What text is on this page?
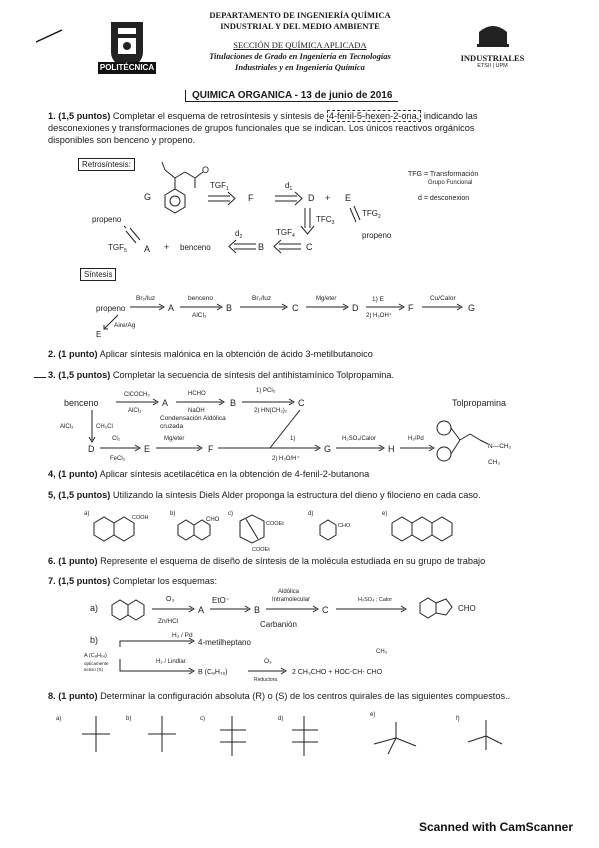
POLITÉCNICA
DEPARTAMENTO DE INGENIERÍA QUÍMICA
INDUSTRIAL Y DEL MEDIO AMBIENTE
SECCIÓN DE QUÍMICA APLICADA
Titulaciones de Grado en Ingeniería en Tecnologías
Industriales y en Ingeniería Química
INDUSTRIALES
ETSII | UPM
QUIMICA ORGANICA - 13 de junio de 2016
1. (1,5 puntos) Completar el esquema de retrosíntesis y síntesis de 4-fenil-5-hexen-2-ona, indicando las
desconexiones y transformaciones de grupos funcionales que se indican. Los únicos reactivos orgánicos
disponibles son benceno y propeno.
Retrosíntesis:
O
G
$TGF_1$
F
$d_1$
D + E
$TFC_3$
$TFG_2$
propeno
TFG = Transformación
Grupo Funcional
d = desconexion
propeno
$TGF_5$ A + benceno
$d_2$
B
$TGF_4$
C
Síntesis
propeno
Br₂/luz
A
benceno
AlCl₃
B
Br₂/luz
C
Mg/eter
D
1) E
2) H₃OH⁺
F
Cu/Calor
G
Aire/Ag
E
2. (1 punto) Aplicar síntesis malónica en la obtención de ácido 3-metilbutanoico
3. (1,5 puntos) Completar la secuencia de síntesis del antihistamínico Tolpropamina.
benceno
ClCOCH₃
AlCl₃
A
HCHO
NaOH
Condensación Aldólica
cruzada
B
1) PCl₅
2) HN(CH₃)₂
C
AlCl₃	CH₃Cl
D
Cl₂
FeCl₃
E
Mg/eter
F
1)
2) H₃O/H⁺
G
H₂SO₄/Calor
H
H₂/Pd
Tolpropamina
N—CH₃
CH₃
4, (1 punto) Aplicar síntesis acetilacética en la obtención de 4-fenil-2-butanona
5, (1,5 puntos) Utilizando la síntesis Diels Alder proponga la estructura del dieno y filocieno en cada caso.
a)
COOH
b)
CHO
c)
COOEt
COOEt
d)
CHO
e)
6. (1 punto) Represente el esquema de diseño de síntesis de la molécula estudiada en su grupo de trabajo
7. (1,5 puntos) Completar los esquemas:
a)
O₃
Zn/HCl
A
EtO⁻
B
Aldólica
Intramolecular
Carbanión
C
H₂SO₄ ; Calor
CHO
b)	H₂ / Pd
4-metilheptano
A (C₈H₁₄)
opticamente
activo (S)
H₂ / Lindlar
B (C₈H₁₆)
O₃
Reductora
2 CH₃CHO + HOC-CH- CHO
CH₃
8. (1 punto) Determinar la configuración absoluta (R) o (S) de los centros quirales de las siguientes compuestos..
a)	b)	c)	d)
e)
f)
Scanned with CamScanner
